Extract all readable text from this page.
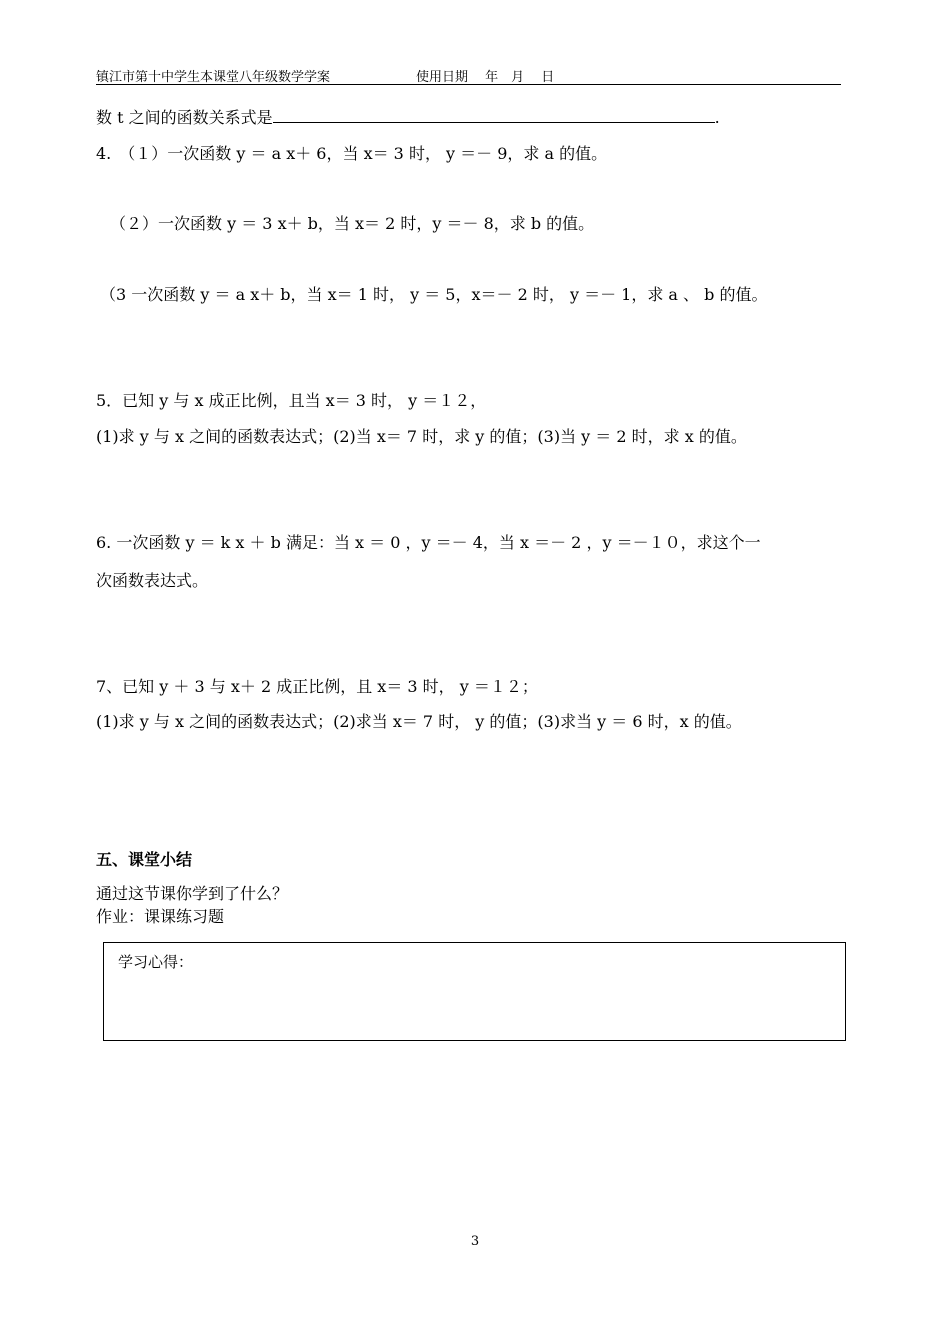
镇江市第十中学生本课堂八年级数学学案	使用日期　 年　月　 日
数 t 之间的函数关系式是	.
4.　（１）一次函数 y ＝ a x＋ 6，当 x＝ 3 时， y ＝－ 9，求 a 的值。
（２）一次函数 y ＝ 3 x＋ b，当 x＝ 2 时，y ＝－ 8，求 b 的值。
（3 一次函数 y ＝ a x＋ b，当 x＝ 1 时， y ＝ 5，x＝－ 2 时， y ＝－ 1，求 a 、 b 的值。
5．已知 y 与 x 成正比例，且当 x＝ 3 时， y ＝１２，
(1)求 y 与 x 之间的函数表达式；(2)当 x＝ 7 时，求 y 的值；(3)当 y ＝ 2 时，求 x 的值。
6. 一次函数 y ＝ k x ＋ b 满足：当 x ＝ 0 ，y ＝－ 4，当 x ＝－ 2 ，y ＝－１０，求这个一
次函数表达式。
7、已知 y ＋ 3 与 x＋ 2 成正比例，且 x＝ 3 时， y ＝１２；
(1)求 y 与 x 之间的函数表达式；(2)求当 x＝ 7 时， y 的值；(3)求当 y ＝ 6 时，x 的值。
五、课堂小结
通过这节课你学到了什么？
作业：课课练习题
学习心得：
3
